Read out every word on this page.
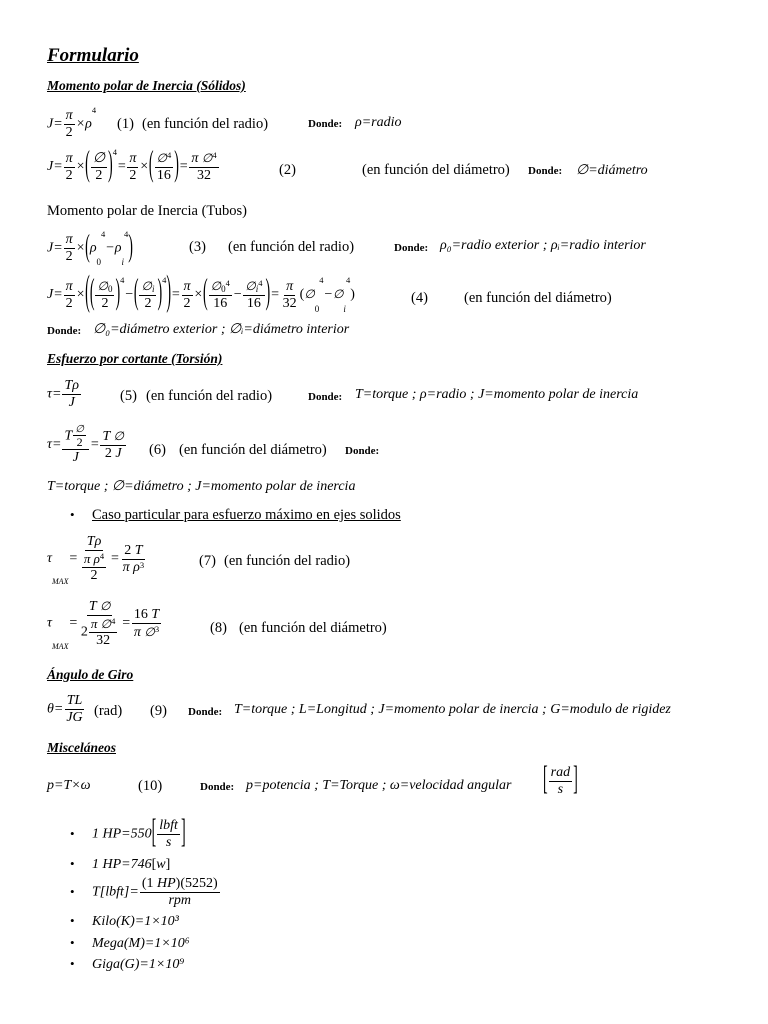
Formulario
Momento polar de Inercia (Sólidos)
$J= \frac{\pi}{2} \times\rho^4$
(1) (en función del radio)	Donde: ρ=radio
$J= \frac{\pi}{2}$ ×( $\frac{\emptyset}{2} )^4= \frac{\pi}{2}$ ×( $\frac{\emptyset^4}{16}$ )= $\frac{\pi \emptyset^4}{32}$	(2)	(en función del diámetro) Donde: ∅=diámetro
Momento polar de Inercia (Tubos)
$J= \frac{\pi}{2} \times(\rho_0^4-\rho_i^4)$	(3) (en función del radio)	Donde: ρ₀=radio exterior ; ρᵢ=radio interior
$J= \frac{\pi}{2}$ ×(( $\frac{\emptyset_0}{2} )^4-( \frac{\emptyset_i}{2} )^4)= \frac{\pi}{2}$ ×( $\frac{\emptyset_0^4}{16} - \frac{\emptyset_i^4}{16}$ )= $\frac{\pi}{32}$ $(\emptyset_0^4-\emptyset_i^4)$	(4) (en función del diámetro)
Donde: ∅₀=diámetro exterior ; ∅ᵢ=diámetro interior
Esfuerzo por cortante (Torsión)
$\tau= \frac{T\rho}{J}$	(5) (en función del radio)	Donde: T=torque ; ρ=radio ; J=momento polar de inercia
$\tau= \frac{T \frac{\emptyset}{2}}{J} = \frac{T \emptyset}{2 J} (6)$ (en función del diámetro) Donde:
T=torque ; ∅=diámetro ; J=momento polar de inercia
• Caso particular para esfuerzo máximo en ejes solidos
$\tau_{MAX}= \frac{T\rho}{\frac{\pi \rho^4}{2}} = \frac{2 T}{\pi \rho^3}$	(7) (en función del radio)
$\tau_{MAX}= \frac{T \emptyset}{2 \frac{\pi \emptyset^4}{32}} = \frac{16 T}{\pi \emptyset^3}$	(8) (en función del diámetro)
Ángulo de Giro
$\theta= \frac{TL}{JG} (rad)$ (9) Donde: T=torque ; L=Longitud ; J=momento polar de inercia ; G=modulo de rigidez
Misceláneos
p=T×ω	(10)	Donde: p=potencia ; T=Torque ; ω=velocidad angular [ $\frac{\text{rad}}{s}$ ]
• 1 $HP=550[ \frac{\text{lbft}}{s}$ ]
• 1 HP=746[w]
• T[lbft]= $\frac{(1 HP)(5252)}{\text{rpm}}$
• Kilo(K)=1×10³
• Mega(M)=1×10⁶
• Giga(G)=1×10⁹
